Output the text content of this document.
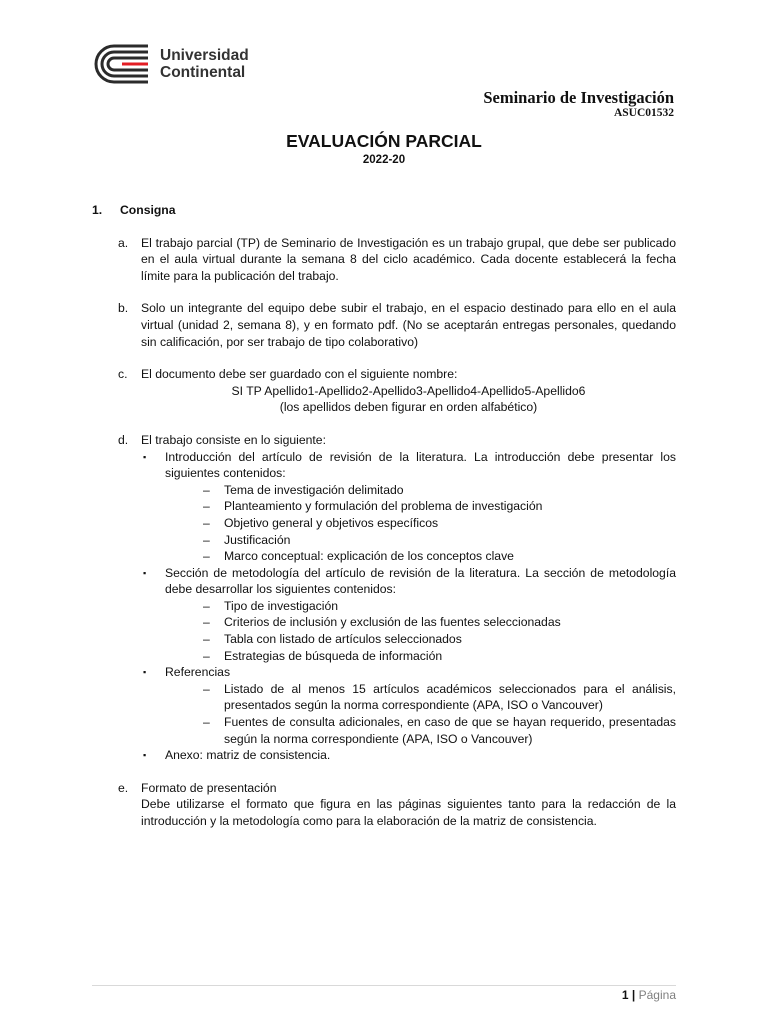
Universidad
Continental
Seminario de Investigación
ASUC01532
EVALUACIÓN PARCIAL
2022-20
1.	Consigna
a.	El trabajo parcial (TP) de Seminario de Investigación es un trabajo grupal, que debe ser publicado en el aula virtual durante la semana 8 del ciclo académico. Cada docente establecerá la fecha límite para la publicación del trabajo.
b.	Solo un integrante del equipo debe subir el trabajo, en el espacio destinado para ello en el aula virtual (unidad 2, semana 8), y en formato pdf. (No se aceptarán entregas personales, quedando sin calificación, por ser trabajo de tipo colaborativo)
c.	El documento debe ser guardado con el siguiente nombre:
SI TP Apellido1-Apellido2-Apellido3-Apellido4-Apellido5-Apellido6
(los apellidos deben figurar en orden alfabético)
d.	El trabajo consiste en lo siguiente:
▪	Introducción del artículo de revisión de la literatura. La introducción debe presentar los siguientes contenidos:
–	Tema de investigación delimitado
–	Planteamiento y formulación del problema de investigación
–	Objetivo general y objetivos específicos
–	Justificación
–	Marco conceptual: explicación de los conceptos clave
▪	Sección de metodología del artículo de revisión de la literatura. La sección de metodología debe desarrollar los siguientes contenidos:
–	Tipo de investigación
–	Criterios de inclusión y exclusión de las fuentes seleccionadas
–	Tabla con listado de artículos seleccionados
–	Estrategias de búsqueda de información
▪	Referencias
–	Listado de al menos 15 artículos académicos seleccionados para el análisis, presentados según la norma correspondiente (APA, ISO o Vancouver)
–	Fuentes de consulta adicionales, en caso de que se hayan requerido, presentadas según la norma correspondiente (APA, ISO o Vancouver)
▪	Anexo: matriz de consistencia.
e.	Formato de presentación
Debe utilizarse el formato que figura en las páginas siguientes tanto para la redacción de la introducción y la metodología como para la elaboración de la matriz de consistencia.
1 | Página
